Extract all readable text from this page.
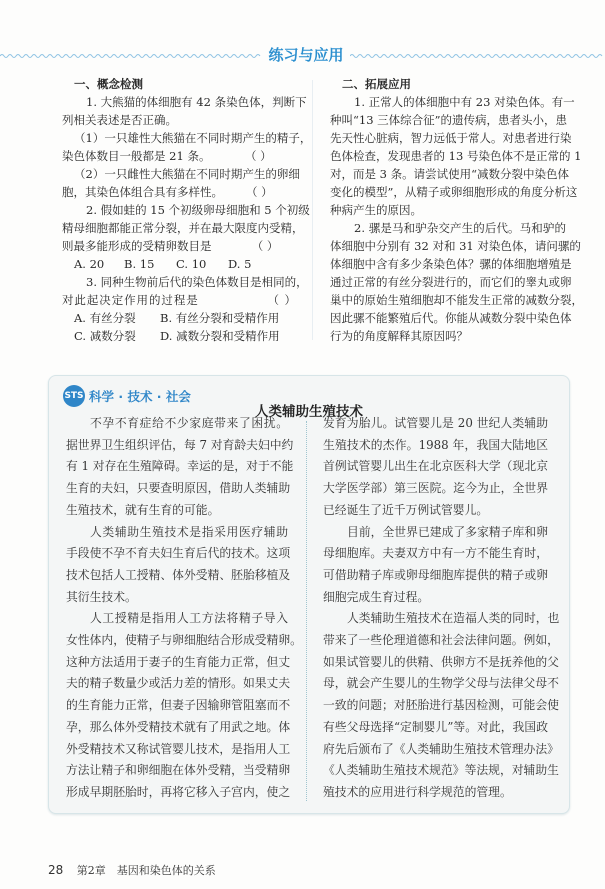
练习与应用
一、概念检测
1. 大熊猫的体细胞有 42 条染色体，判断下
列相关表述是否正确。
（1）一只雄性大熊猫在不同时期产生的精子，
染色体数目一般都是 21 条。　　　　（ ）
（2）一只雌性大熊猫在不同时期产生的卵细
胞，其染色体组合具有多样性。　　　（ ）
2. 假如蛙的 15 个初级卵母细胞和 5 个初级
精母细胞都能正常分裂，并在最大限度内受精，
则最多能形成的受精卵数目是　　　　（ ）
A. 20	B. 15	C. 10	D. 5
3. 同种生物前后代的染色体数目是相同的，
对此起决定作用的过程是　　　　　　（ ）
A. 有丝分裂	B. 有丝分裂和受精作用
C. 减数分裂	D. 减数分裂和受精作用
二、拓展应用
1. 正常人的体细胞中有 23 对染色体。有一
种叫“13 三体综合征”的遗传病，患者头小，患
先天性心脏病，智力远低于常人。对患者进行染
色体检查，发现患者的 13 号染色体不是正常的 1
对，而是 3 条。请尝试使用“减数分裂中染色体
变化的模型”，从精子或卵细胞形成的角度分析这
种病产生的原因。
2. 骡是马和驴杂交产生的后代。马和驴的
体细胞中分别有 32 对和 31 对染色体，请问骡的
体细胞中含有多少条染色体？骡的体细胞增殖是
通过正常的有丝分裂进行的，而它们的睾丸或卵
巢中的原始生殖细胞却不能发生正常的减数分裂，
因此骡不能繁殖后代。你能从减数分裂中染色体
行为的角度解释其原因吗？
STS 科学 · 技术 · 社会
人类辅助生殖技术
不孕不育症给不少家庭带来了困扰。
据世界卫生组织评估，每 7 对育龄夫妇中约
有 1 对存在生殖障碍。幸运的是，对于不能
生育的夫妇，只要查明原因，借助人类辅助
生殖技术，就有生育的可能。
人类辅助生殖技术是指采用医疗辅助
手段使不孕不育夫妇生育后代的技术。这项
技术包括人工授精、体外受精、胚胎移植及
其衍生技术。
人工授精是指用人工方法将精子导入
女性体内，使精子与卵细胞结合形成受精卵。
这种方法适用于妻子的生育能力正常，但丈
夫的精子数量少或活力差的情形。如果丈夫
的生育能力正常，但妻子因输卵管阻塞而不
孕，那么体外受精技术就有了用武之地。体
外受精技术又称试管婴儿技术，是指用人工
方法让精子和卵细胞在体外受精，当受精卵
形成早期胚胎时，再将它移入子宫内，使之
发育为胎儿。试管婴儿是 20 世纪人类辅助
生殖技术的杰作。1988 年，我国大陆地区
首例试管婴儿出生在北京医科大学（现北京
大学医学部）第三医院。迄今为止，全世界
已经诞生了近千万例试管婴儿。
目前，全世界已建成了多家精子库和卵
母细胞库。夫妻双方中有一方不能生育时，
可借助精子库或卵母细胞库提供的精子或卵
细胞完成生育过程。
人类辅助生殖技术在造福人类的同时，也
带来了一些伦理道德和社会法律问题。例如，
如果试管婴儿的供精、供卵方不是抚养他的父
母，就会产生婴儿的生物学父母与法律父母不
一致的问题；对胚胎进行基因检测，可能会使
有些父母选择“定制婴儿”等。对此，我国政
府先后颁布了《人类辅助生殖技术管理办法》
《人类辅助生殖技术规范》等法规，对辅助生
殖技术的应用进行科学规范的管理。
28 第2章　基因和染色体的关系
